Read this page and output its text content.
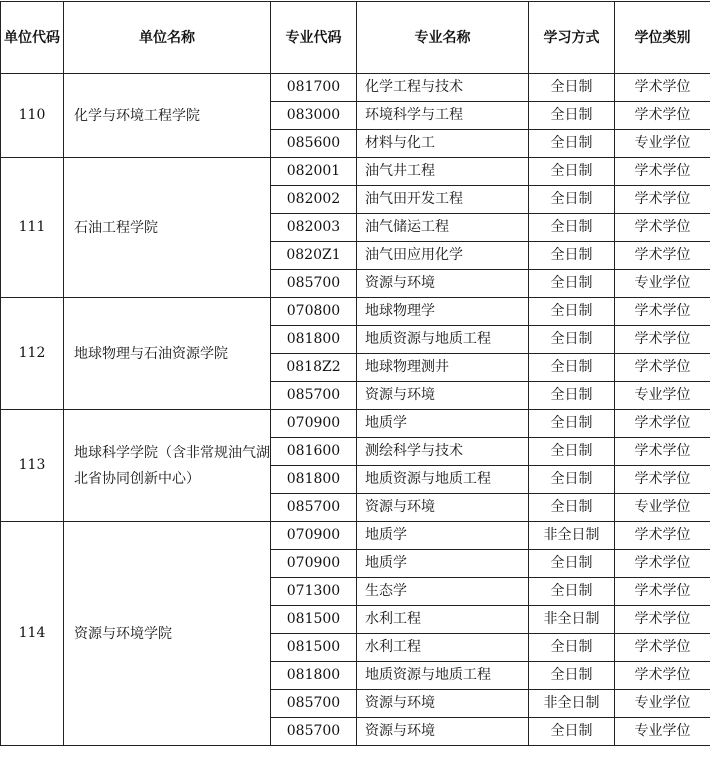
单位代码	单位名称	专业代码	专业名称	学习方式	学位类别
110	化学与环境工程学院	081700	化学工程与技术	全日制	学术学位
		083000	环境科学与工程	全日制	学术学位
		085600	材料与化工	全日制	专业学位
111	石油工程学院	082001	油气井工程	全日制	学术学位
		082002	油气田开发工程	全日制	学术学位
		082003	油气储运工程	全日制	学术学位
		0820Z1	油气田应用化学	全日制	学术学位
		085700	资源与环境	全日制	专业学位
112	地球物理与石油资源学院	070800	地球物理学	全日制	学术学位
		081800	地质资源与地质工程	全日制	学术学位
		0818Z2	地球物理测井	全日制	学术学位
		085700	资源与环境	全日制	专业学位
113	地球科学学院（含非常规油气湖北省协同创新中心）	070900	地质学	全日制	学术学位
		081600	测绘科学与技术	全日制	学术学位
		081800	地质资源与地质工程	全日制	学术学位
		085700	资源与环境	全日制	专业学位
114	资源与环境学院	070900	地质学	非全日制	学术学位
		070900	地质学	全日制	学术学位
		071300	生态学	全日制	学术学位
		081500	水利工程	非全日制	学术学位
		081500	水利工程	全日制	学术学位
		081800	地质资源与地质工程	全日制	学术学位
		085700	资源与环境	非全日制	专业学位
		085700	资源与环境	全日制	专业学位
